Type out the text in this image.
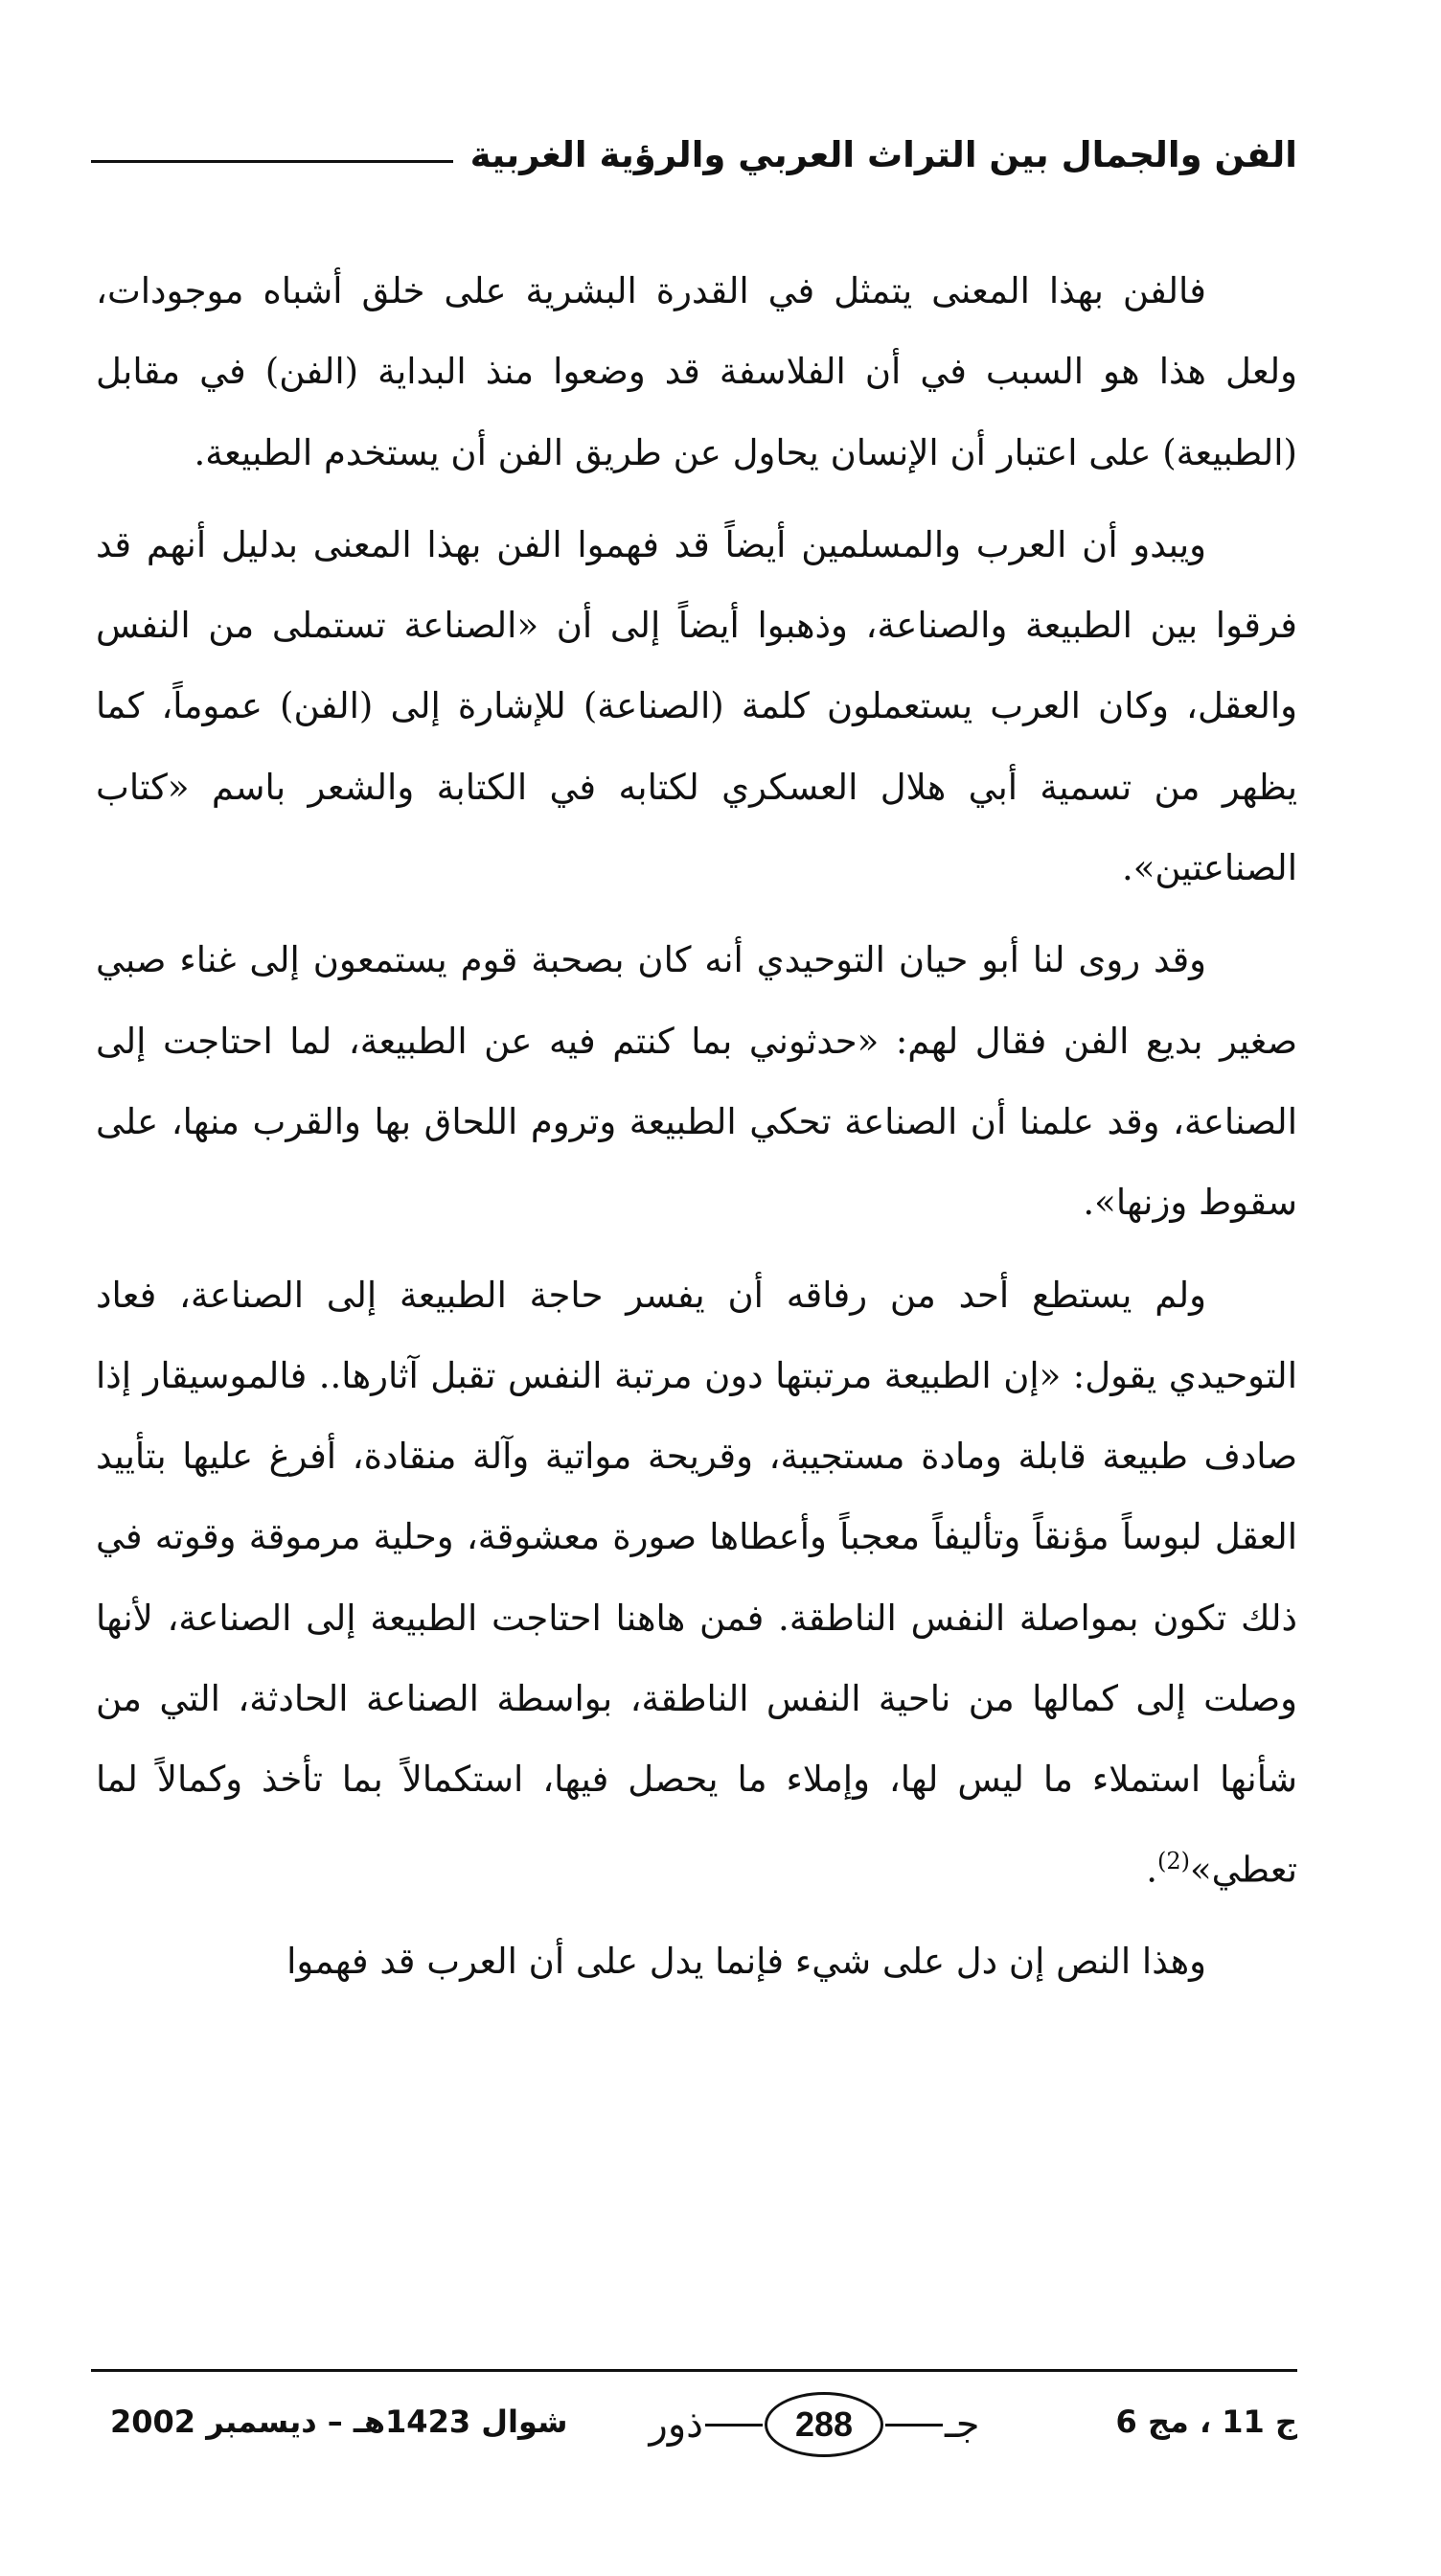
الفن والجمال بين التراث العربي والرؤية الغربية

فالفن بهذا المعنى يتمثل في القدرة البشرية على خلق أشباه موجودات، ولعل هذا هو السبب في أن الفلاسفة قد وضعوا منذ البداية (الفن) في مقابل (الطبيعة) على اعتبار أن الإنسان يحاول عن طريق الفن أن يستخدم الطبيعة.

ويبدو أن العرب والمسلمين أيضاً قد فهموا الفن بهذا المعنى بدليل أنهم قد فرقوا بين الطبيعة والصناعة، وذهبوا أيضاً إلى أن «الصناعة تستملى من النفس والعقل، وكان العرب يستعملون كلمة (الصناعة) للإشارة إلى (الفن) عموماً، كما يظهر من تسمية أبي هلال العسكري لكتابه في الكتابة والشعر باسم «كتاب الصناعتين».

وقد روى لنا أبو حيان التوحيدي أنه كان بصحبة قوم يستمعون إلى غناء صبي صغير بديع الفن فقال لهم: «حدثوني بما كنتم فيه عن الطبيعة، لما احتاجت إلى الصناعة، وقد علمنا أن الصناعة تحكي الطبيعة وتروم اللحاق بها والقرب منها، على سقوط وزنها».

ولم يستطع أحد من رفاقه أن يفسر حاجة الطبيعة إلى الصناعة، فعاد التوحيدي يقول: «إن الطبيعة مرتبتها دون مرتبة النفس تقبل آثارها.. فالموسيقار إذا صادف طبيعة قابلة ومادة مستجيبة، وقريحة مواتية وآلة منقادة، أفرغ عليها بتأييد العقل لبوساً مؤنقاً وتأليفاً معجباً وأعطاها صورة معشوقة، وحلية مرموقة وقوته في ذلك تكون بمواصلة النفس الناطقة. فمن هاهنا احتاجت الطبيعة إلى الصناعة، لأنها وصلت إلى كمالها من ناحية النفس الناطقة، بواسطة الصناعة الحادثة، التي من شأنها استملاء ما ليس لها، وإملاء ما يحصل فيها، استكمالاً بما تأخذ وكمالاً لما تعطي»$^{(2)}$.

وهذا النص إن دل على شيء فإنما يدل على أن العرب قد فهموا

ج 11 ، مج 6
ذور	288	جـ
شوال 1423هـ – ديسمبر 2002
